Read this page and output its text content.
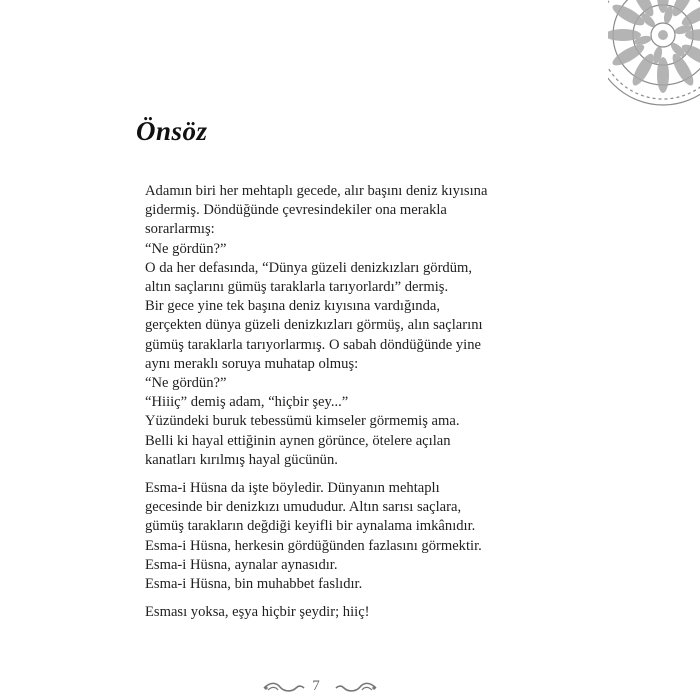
Önsöz

Adamın biri her mehtaplı gecede, alır başını deniz kıyısına
gidermiş. Döndüğünde çevresindekiler ona merakla
sorarlarmış:
“Ne gördün?”
O da her defasında, “Dünya güzeli denizkızları gördüm,
altın saçlarını gümüş taraklarla tarıyorlardı” dermiş.
Bir gece yine tek başına deniz kıyısına vardığında,
gerçekten dünya güzeli denizkızları görmüş, alın saçlarını
gümüş taraklarla tarıyorlarmış. O sabah döndüğünde yine
aynı meraklı soruya muhatap olmuş:
“Ne gördün?”
“Hiiiç” demiş adam, “hiçbir şey...”
Yüzündeki buruk tebessümü kimseler görmemiş ama.
Belli ki hayal ettiğinin aynen görünce, ötelere açılan
kanatları kırılmış hayal gücünün.

Esma-i Hüsna da işte böyledir. Dünyanın mehtaplı
gecesinde bir denizkızı umududur. Altın sarısı saçlara,
gümüş tarakların değdiği keyifli bir aynalama imkânıdır.
Esma-i Hüsna, herkesin gördüğünden fazlasını görmektir.
Esma-i Hüsna, aynalar aynasıdır.
Esma-i Hüsna, bin muhabbet faslıdır.

Esması yoksa, eşya hiçbir şeydir; hiiç!

7
